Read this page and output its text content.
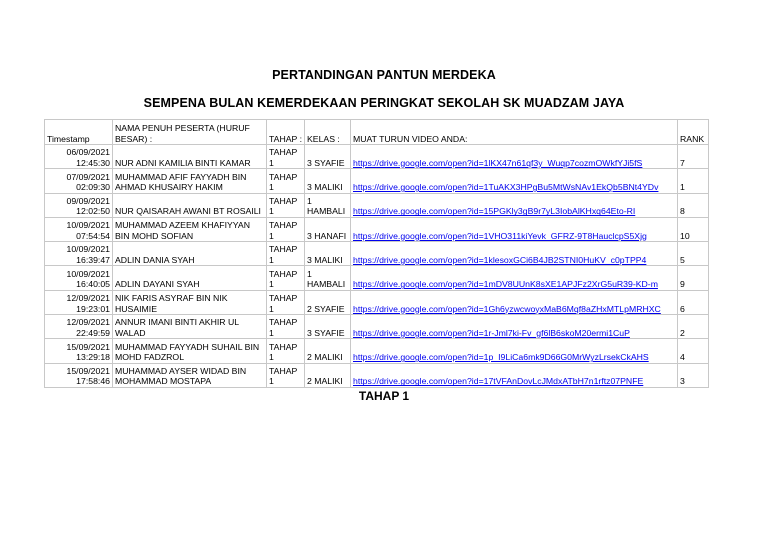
PERTANDINGAN PANTUN MERDEKA
SEMPENA BULAN KEMERDEKAAN PERINGKAT SEKOLAH SK MUADZAM JAYA
Timestamp	NAMA PENUH PESERTA (HURUF BESAR) :	TAHAP :	KELAS :	MUAT TURUN VIDEO ANDA:	RANK
06/09/2021
12:45:30	NUR ADNI KAMILIA BINTI KAMAR	TAHAP 1	3 SYAFIE	https://drive.google.com/open?id=1lKX47n61qf3y_Wuqp7cozmOWkfYJi5fS	7
07/09/2021
02:09:30	MUHAMMAD AFIF FAYYADH BIN AHMAD KHUSAIRY HAKIM	TAHAP 1	3 MALIKI	https://drive.google.com/open?id=1TuAKX3HPgBu5MtWsNAv1EkQb5BNt4YDv	1
09/09/2021
12:02:50	NUR QAISARAH AWANI BT ROSAILI	TAHAP 1	1 HAMBALI	https://drive.google.com/open?id=15PGKly3gB9r7yL3IobAlKHxq64Eto-RI	8
10/09/2021
07:54:54	MUHAMMAD AZEEM KHAFIYYAN BIN MOHD SOFIAN	TAHAP 1	3 HANAFI	https://drive.google.com/open?id=1VHO311kiYevk_GFRZ-9T8HauclcpS5Xjg	10
10/09/2021
16:39:47	ADLIN DANIA SYAH	TAHAP 1	3 MALIKI	https://drive.google.com/open?id=1klesoxGCi6B4JB2STNI0HuKV_c0pTPP4	5
10/09/2021
16:40:05	ADLIN DAYANI SYAH	TAHAP 1	1 HAMBALI	https://drive.google.com/open?id=1mDV8UUnK8sXE1APJFz2XrG5uR39-KD-m	9
12/09/2021
19:23:01	NIK FARIS ASYRAF BIN NIK HUSAIMIE	TAHAP 1	2 SYAFIE	https://drive.google.com/open?id=1Gh6yzwcwoyxMaB6Mqf8aZHxMTLpMRHXC	6
12/09/2021
22:49:59	ANNUR IMANI BINTI AKHIR UL WALAD	TAHAP 1	3 SYAFIE	https://drive.google.com/open?id=1r-Jml7ki-Fv_gf6lB6skoM20ermi1CuP	2
15/09/2021
13:29:18	MUHAMMAD FAYYADH SUHAIL BIN MOHD FADZROL	TAHAP 1	2 MALIKI	https://drive.google.com/open?id=1p_I9LiCa6mk9D66G0MrWyzLrsekCkAHS	4
15/09/2021
17:58:46	MUHAMMAD AYSER WIDAD BIN MOHAMMAD MOSTAPA	TAHAP 1	2 MALIKI	https://drive.google.com/open?id=17tVFAnDovLcJMdxATbH7n1rftz07PNFE	3
TAHAP 1
